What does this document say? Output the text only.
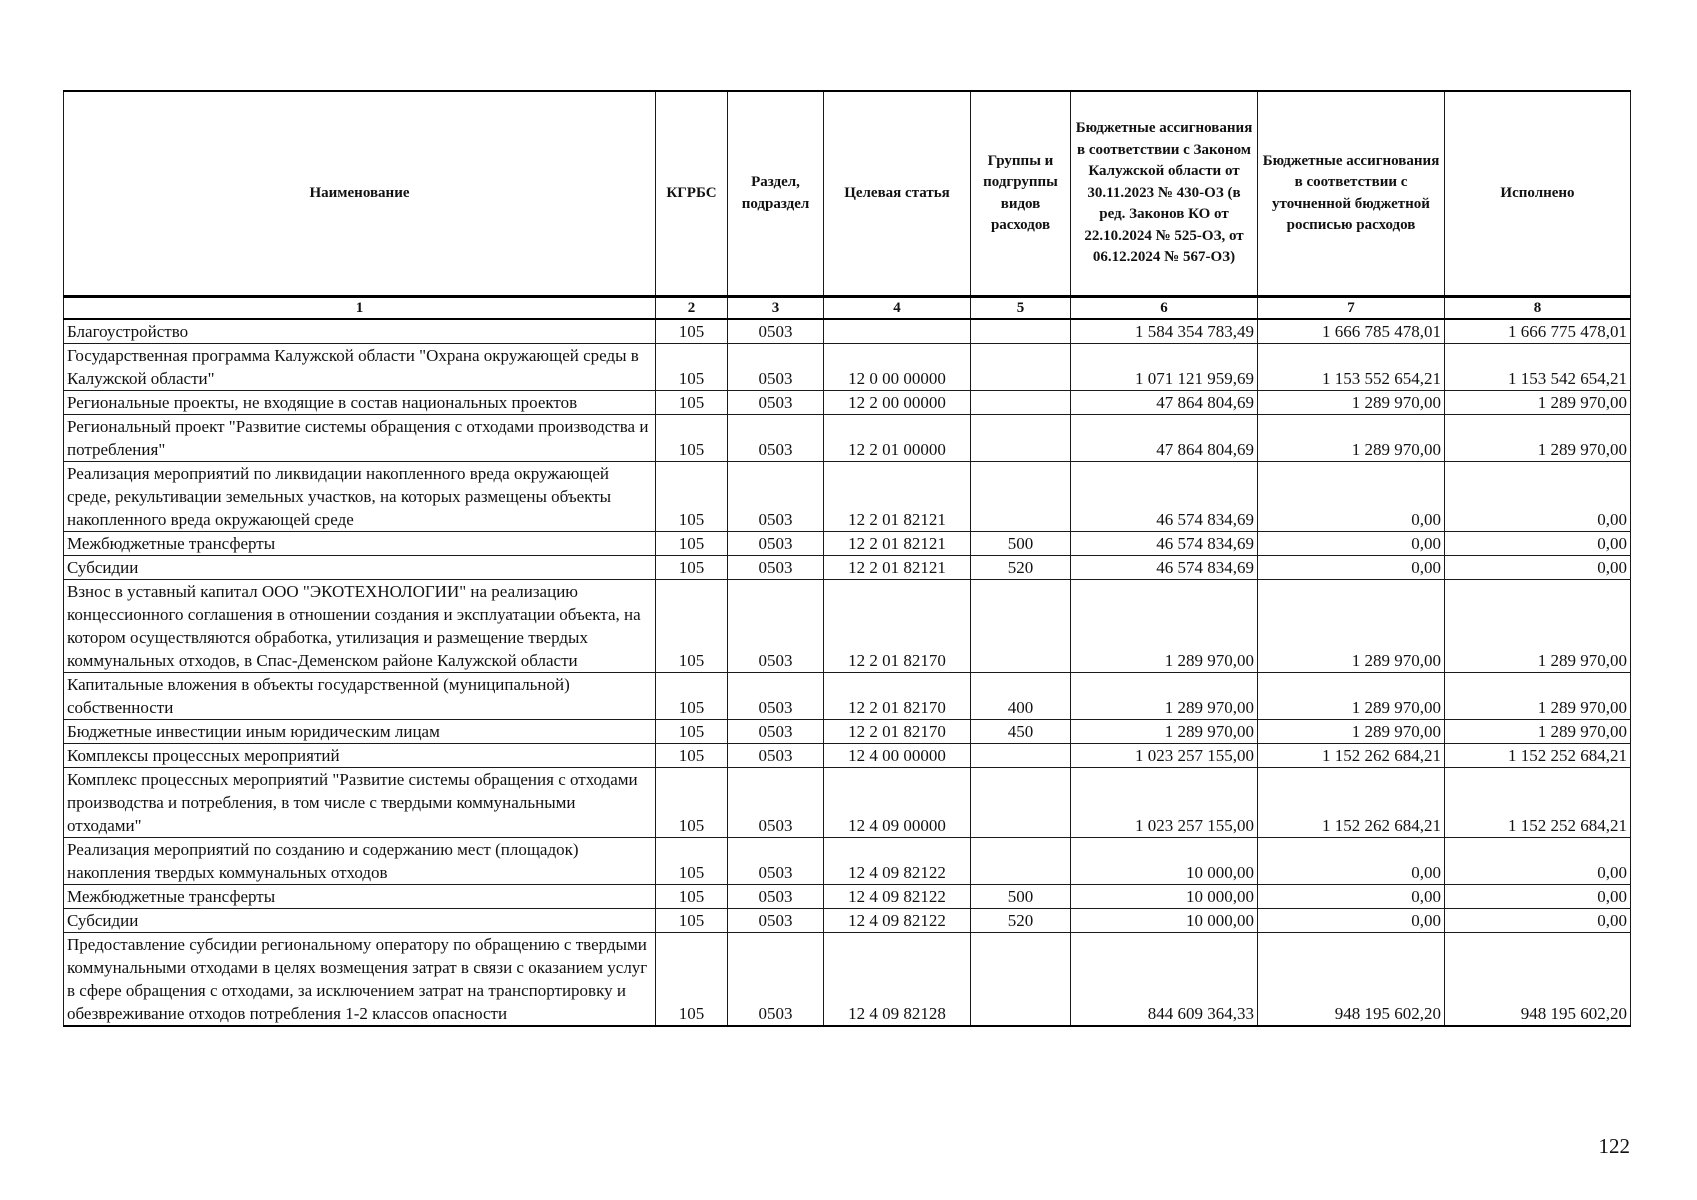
Наименование	КГРБС	Раздел, подраздел	Целевая статья	Группы и подгруппы видов расходов	Бюджетные ассигнования в соответствии с Законом Калужской области от 30.11.2023 № 430-ОЗ (в ред. Законов КО от 22.10.2024 № 525-ОЗ, от 06.12.2024 № 567-ОЗ)	Бюджетные ассигнования в соответствии с уточненной бюджетной росписью расходов	Исполнено
1	2	3	4	5	6	7	8
Благоустройство	105	0503			1 584 354 783,49	1 666 785 478,01	1 666 775 478,01
Государственная программа Калужской области "Охрана окружающей среды в Калужской области"	105	0503	12 0 00 00000		1 071 121 959,69	1 153 552 654,21	1 153 542 654,21
Региональные проекты, не входящие в состав национальных проектов	105	0503	12 2 00 00000		47 864 804,69	1 289 970,00	1 289 970,00
Региональный проект "Развитие системы обращения с отходами производства и потребления"	105	0503	12 2 01 00000		47 864 804,69	1 289 970,00	1 289 970,00
Реализация мероприятий по ликвидации накопленного вреда окружающей среде, рекультивации земельных участков, на которых размещены объекты накопленного вреда окружающей среде	105	0503	12 2 01 82121		46 574 834,69	0,00	0,00
Межбюджетные трансферты	105	0503	12 2 01 82121	500	46 574 834,69	0,00	0,00
Субсидии	105	0503	12 2 01 82121	520	46 574 834,69	0,00	0,00
Взнос в уставный капитал ООО "ЭКОТЕХНОЛОГИИ" на реализацию концессионного соглашения в отношении создания и эксплуатации объекта, на котором осуществляются обработка, утилизация и размещение твердых коммунальных отходов, в Спас-Деменском районе Калужской области	105	0503	12 2 01 82170		1 289 970,00	1 289 970,00	1 289 970,00
Капитальные вложения в объекты государственной (муниципальной) собственности	105	0503	12 2 01 82170	400	1 289 970,00	1 289 970,00	1 289 970,00
Бюджетные инвестиции иным юридическим лицам	105	0503	12 2 01 82170	450	1 289 970,00	1 289 970,00	1 289 970,00
Комплексы процессных мероприятий	105	0503	12 4 00 00000		1 023 257 155,00	1 152 262 684,21	1 152 252 684,21
Комплекс процессных мероприятий "Развитие системы обращения с отходами производства и потребления, в том числе с твердыми коммунальными отходами"	105	0503	12 4 09 00000		1 023 257 155,00	1 152 262 684,21	1 152 252 684,21
Реализация мероприятий по созданию и содержанию мест (площадок) накопления твердых коммунальных отходов	105	0503	12 4 09 82122		10 000,00	0,00	0,00
Межбюджетные трансферты	105	0503	12 4 09 82122	500	10 000,00	0,00	0,00
Субсидии	105	0503	12 4 09 82122	520	10 000,00	0,00	0,00
Предоставление субсидии региональному оператору по обращению с твердыми коммунальными отходами в целях возмещения затрат в связи с оказанием услуг в сфере обращения с отходами, за исключением затрат на транспортировку и обезвреживание отходов потребления 1-2 классов опасности	105	0503	12 4 09 82128		844 609 364,33	948 195 602,20	948 195 602,20
122
